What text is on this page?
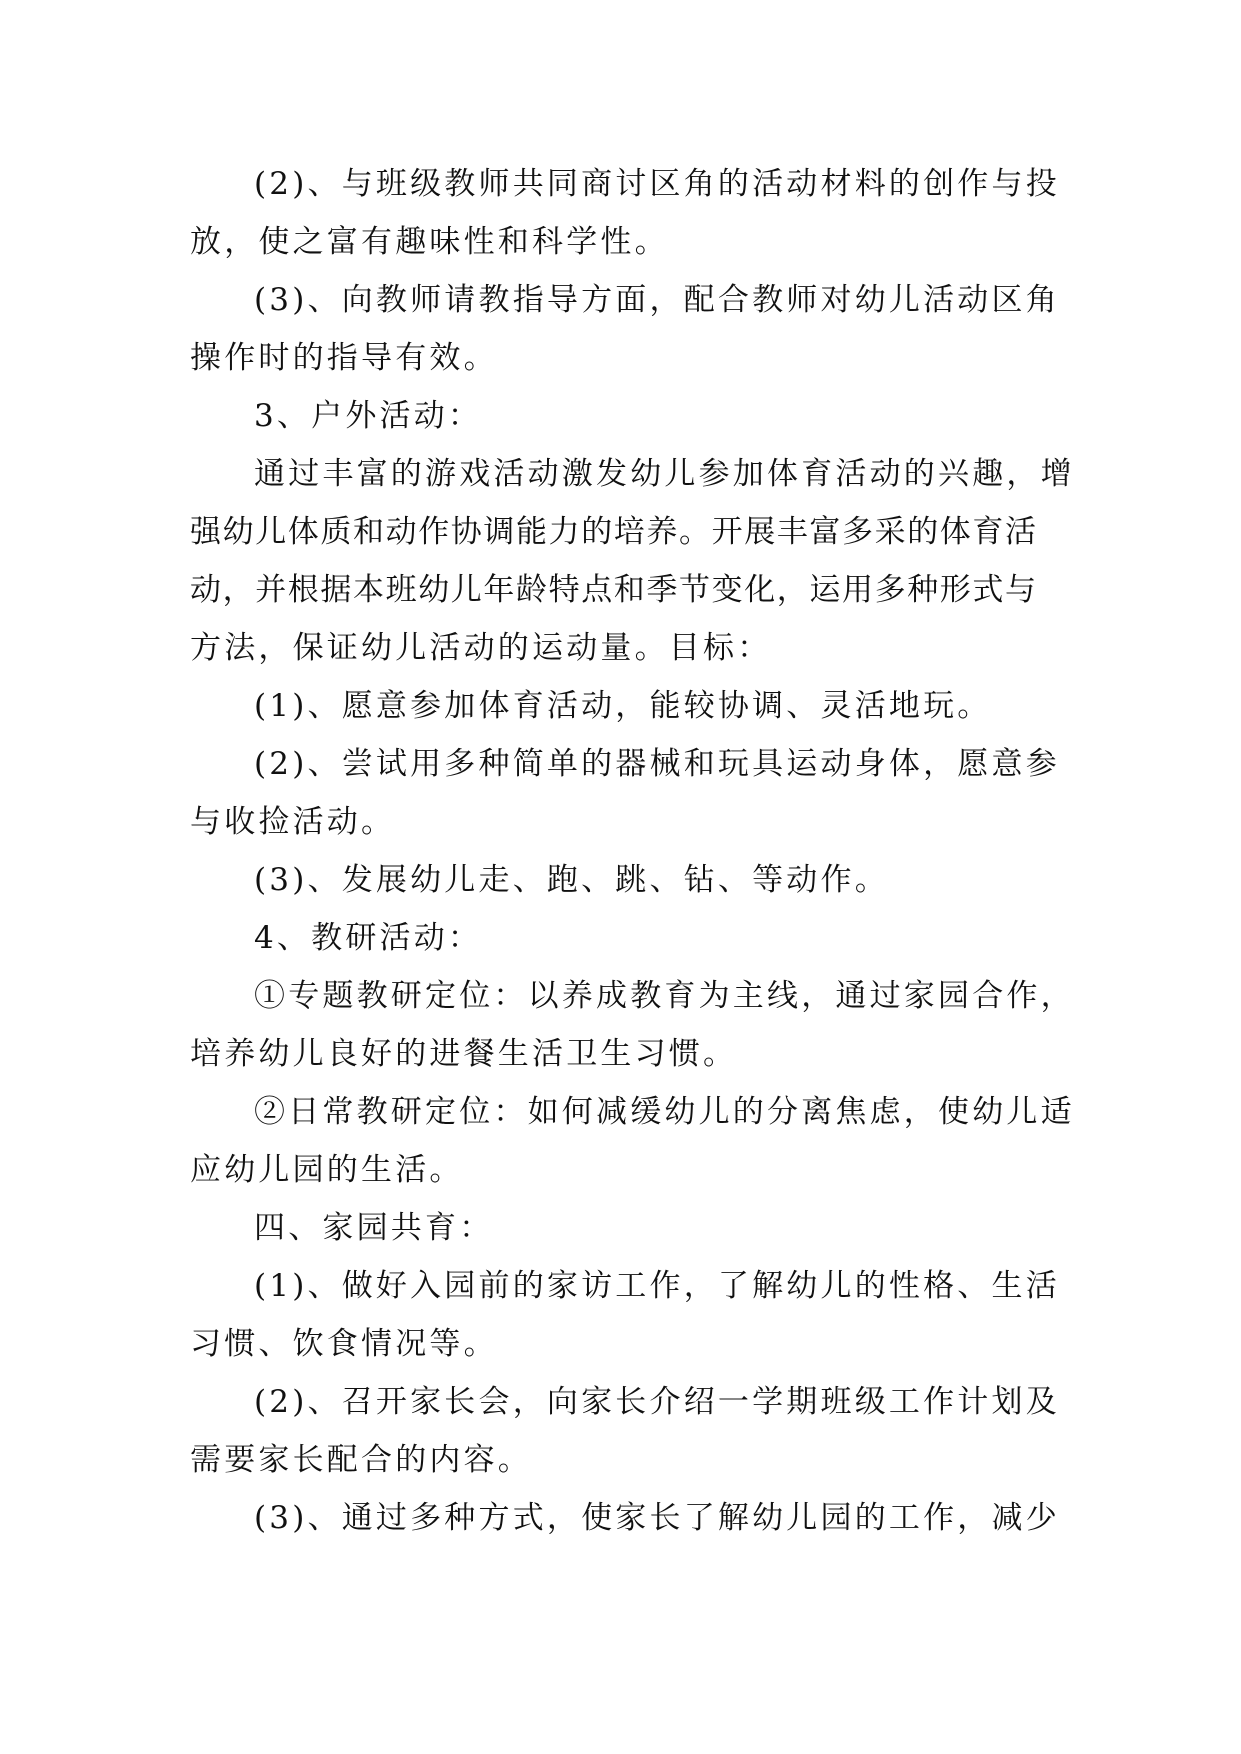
(2)、与班级教师共同商讨区角的活动材料的创作与投
放，使之富有趣味性和科学性。
(3)、向教师请教指导方面，配合教师对幼儿活动区角
操作时的指导有效。
3、户外活动：
通过丰富的游戏活动激发幼儿参加体育活动的兴趣，增
强幼儿体质和动作协调能力的培养。开展丰富多采的体育活
动，并根据本班幼儿年龄特点和季节变化，运用多种形式与
方法，保证幼儿活动的运动量。目标：
(1)、愿意参加体育活动，能较协调、灵活地玩。
(2)、尝试用多种简单的器械和玩具运动身体，愿意参
与收捡活动。
(3)、发展幼儿走、跑、跳、钻、等动作。
4、教研活动：
①专题教研定位：以养成教育为主线，通过家园合作，
培养幼儿良好的进餐生活卫生习惯。
②日常教研定位：如何减缓幼儿的分离焦虑，使幼儿适
应幼儿园的生活。
四、家园共育：
(1)、做好入园前的家访工作，了解幼儿的性格、生活
习惯、饮食情况等。
(2)、召开家长会，向家长介绍一学期班级工作计划及
需要家长配合的内容。
(3)、通过多种方式，使家长了解幼儿园的工作，减少
